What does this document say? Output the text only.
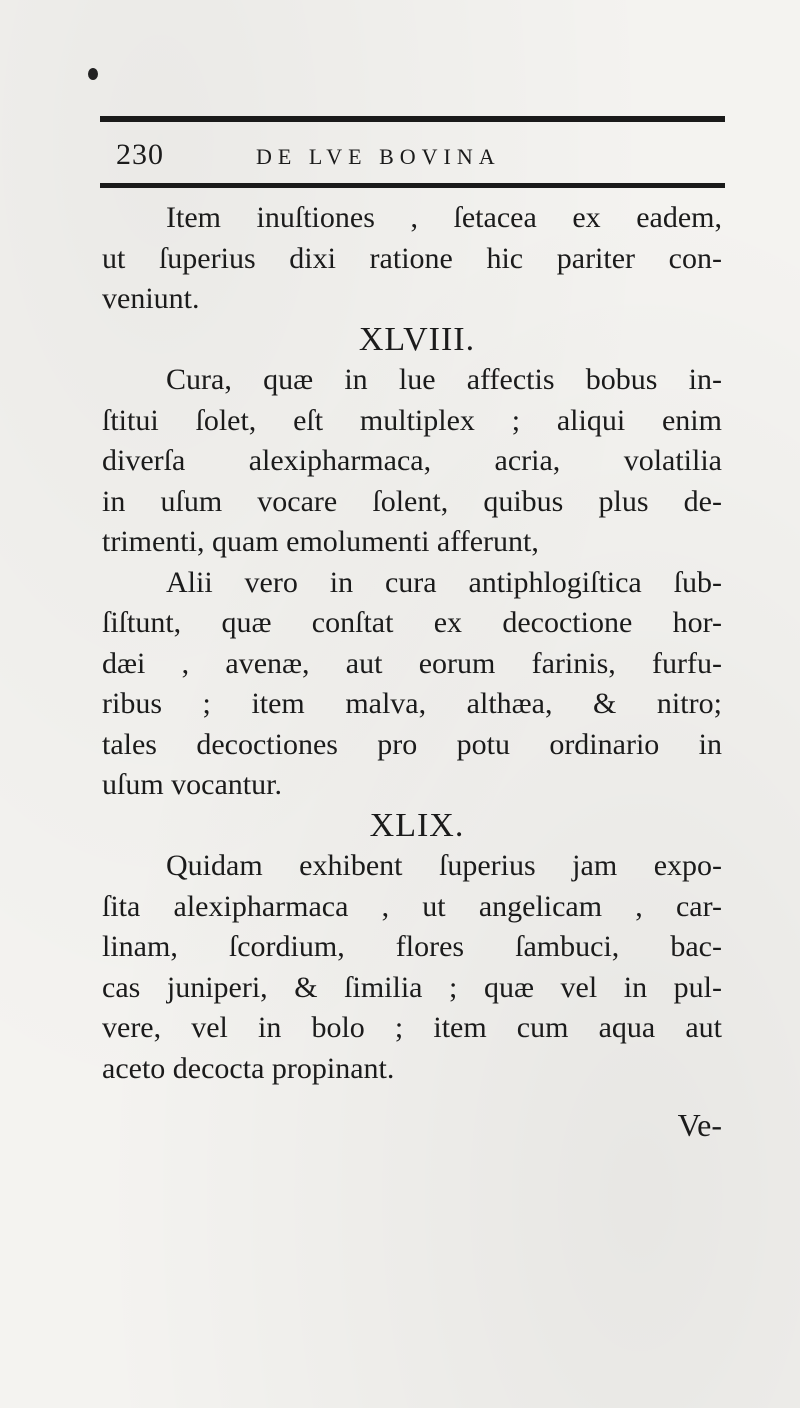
230	DE LVE BOVINA
Item inuſtiones , ſetacea ex eadem,
ut ſuperius dixi ratione hic pariter con-
veniunt.
XLVIII.
Cura, quæ in lue affectis bobus in-
ſtitui ſolet, eſt multiplex ; aliqui enim
diverſa alexipharmaca, acria, volatilia
in uſum vocare ſolent, quibus plus de-
trimenti, quam emolumenti afferunt,
Alii vero in cura antiphlogiſtica ſub-
ſiſtunt, quæ conſtat ex decoctione hor-
dæi , avenæ, aut eorum farinis, furfu-
ribus ; item malva, althæa, & nitro;
tales decoctiones pro potu ordinario in
uſum vocantur.
XLIX.
Quidam exhibent ſuperius jam expo-
ſita alexipharmaca , ut angelicam , car-
linam, ſcordium, flores ſambuci, bac-
cas juniperi, & ſimilia ; quæ vel in pul-
vere, vel in bolo ; item cum aqua aut
aceto decocta propinant.
Ve-
